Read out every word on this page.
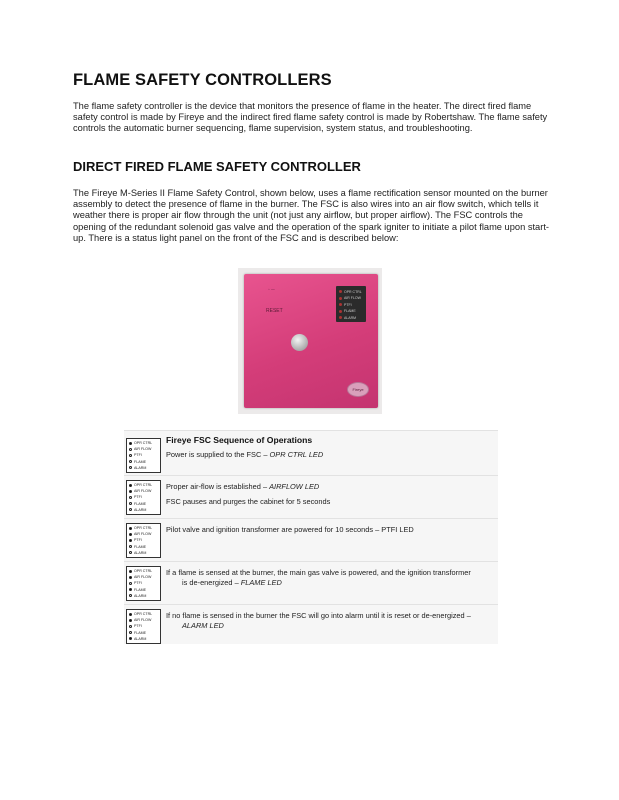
FLAME SAFETY CONTROLLERS

The flame safety controller is the device that monitors the presence of flame in the heater. The direct fired flame safety control is made by Fireye and the indirect fired flame safety control is made by Robertshaw. The flame safety controls the automatic burner sequencing, flame supervision, system status, and troubleshooting.

DIRECT FIRED FLAME SAFETY CONTROLLER

The Fireye M-Series II Flame Safety Control, shown below, uses a flame rectification sensor mounted on the burner assembly to detect the presence of flame in the burner. The FSC is also wires into an air flow switch, which tells it weather there is proper air flow through the unit (not just any airflow, but proper airflow). The FSC controls the opening of the redundant solenoid gas valve and the operation of the spark igniter to initiate a pilot flame upon start-up. There is a status light panel on the front of the FSC and is described below:

◦ ─
RESET
OPR CTRL
AIR FLOW
PTFI
FLAME
ALARM
Fireye
Fireye FSC Sequence of Operations
OPR CTRL
AIR FLOW
PTFI
FLAME
ALARM
Power is supplied to the FSC – OPR CTRL LED
OPR CTRL
AIR FLOW
PTFI
FLAME
ALARM
Proper air-flow is established – AIRFLOW LED
FSC pauses and purges the cabinet for 5 seconds
OPR CTRL
AIR FLOW
PTFI
FLAME
ALARM
Pilot valve and ignition transformer are powered for 10 seconds – PTFI LED
OPR CTRL
AIR FLOW
PTFI
FLAME
ALARM
If a flame is sensed at the burner, the main gas valve is powered, and the ignition transformer
is de-energized – FLAME LED
OPR CTRL
AIR FLOW
PTFI
FLAME
ALARM
If no flame is sensed in the burner the FSC will go into alarm until it is reset or de-energized –
ALARM LED
